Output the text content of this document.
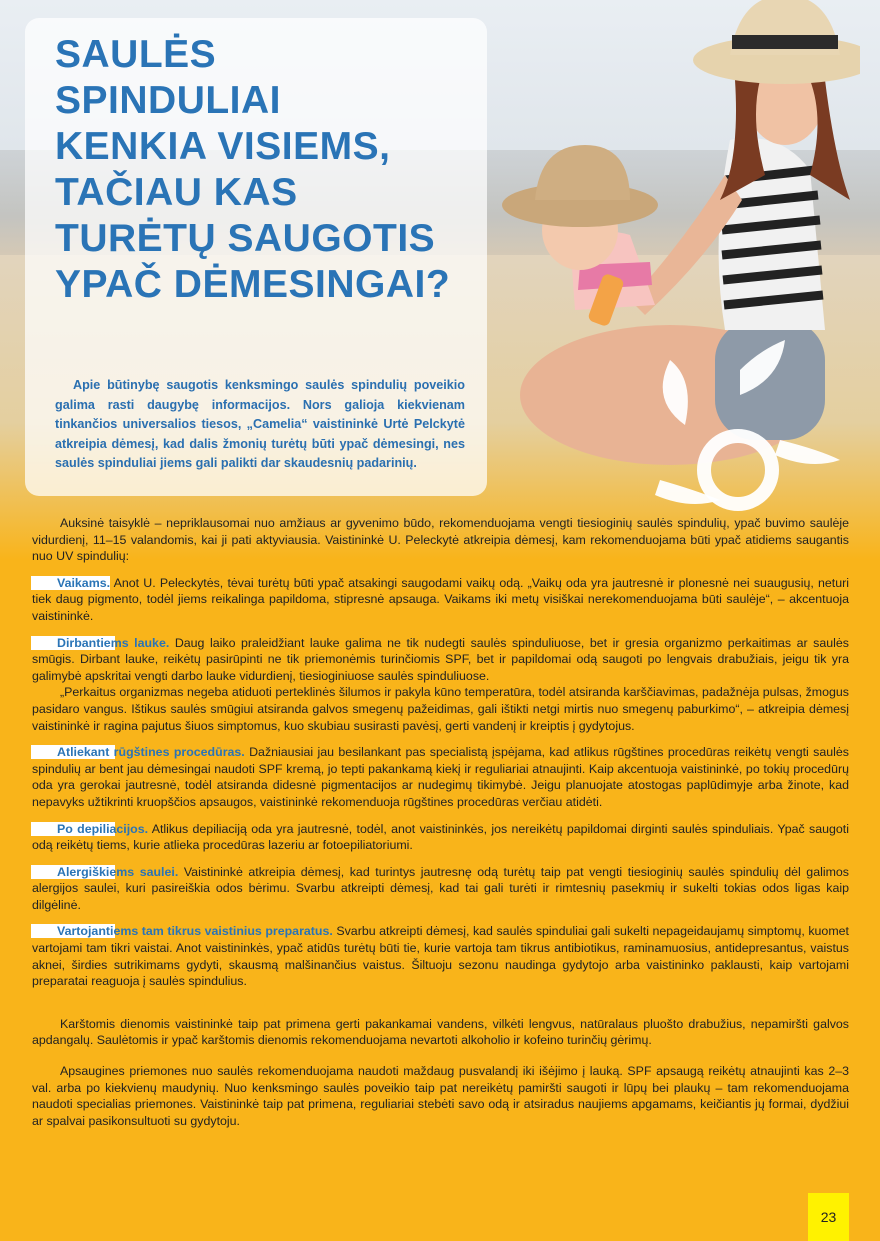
SAULĖS
SPINDULIAI
KENKIA VISIEMS,
TAČIAU KAS
TURĖTŲ SAUGOTIS
YPAČ DĖMESINGAI?

Apie būtinybę saugotis kenksmingo saulės spindulių poveikio galima rasti daugybę informacijos. Nors galioja kiekvienam tinkančios universalios tiesos, „Camelia“ vaistininkė Urtė Pelckytė atkreipia dėmesį, kad dalis žmonių turėtų būti ypač dėmesingi, nes saulės spinduliai jiems gali palikti dar skaudesnių padarinių.

Auksinė taisyklė – nepriklausomai nuo amžiaus ar gyvenimo būdo, rekomenduojama vengti tiesioginių saulės spindulių, ypač buvimo saulėje vidurdienį, 11–15 valandomis, kai ji pati aktyviausia. Vaistininkė U. Peleckytė atkreipia dėmesį, kam rekomenduojama būti ypač atidiems saugantis nuo UV spindulių:

Vaikams. Anot U. Peleckytės, tėvai turėtų būti ypač atsakingi saugodami vaikų odą. „Vaikų oda yra jautresnė ir plonesnė nei suaugusių, neturi tiek daug pigmento, todėl jiems reikalinga papildoma, stipresnė apsauga. Vaikams iki metų visiškai nerekomenduojama būti saulėje“, – akcentuoja vaistininkė.

Dirbantiems lauke. Daug laiko praleidžiant lauke galima ne tik nudegti saulės spinduliuose, bet ir gresia organizmo perkaitimas ar saulės smūgis. Dirbant lauke, reikėtų pasirūpinti ne tik priemonėmis turinčiomis SPF, bet ir papildomai odą saugoti po lengvais drabužiais, jeigu tik yra galimybė apskritai vengti darbo lauke vidurdienį, tiesioginiuose saulės spinduliuose.

„Perkaitus organizmas negeba atiduoti perteklinės šilumos ir pakyla kūno temperatūra, todėl atsiranda karščiavimas, padažnėja pulsas, žmogus pasidaro vangus. Ištikus saulės smūgiui atsiranda galvos smegenų pažeidimas, gali ištikti netgi mirtis nuo smegenų paburkimo“, – atkreipia dėmesį vaistininkė ir ragina pajutus šiuos simptomus, kuo skubiau susirasti pavėsį, gerti vandenį ir kreiptis į gydytojus.

Atliekant rūgštines procedūras. Dažniausiai jau besilankant pas specialistą įspėjama, kad atlikus rūgštines procedūras reikėtų vengti saulės spindulių ar bent jau dėmesingai naudoti SPF kremą, jo tepti pakankamą kiekį ir reguliariai atnaujinti. Kaip akcentuoja vaistininkė, po tokių procedūrų oda yra gerokai jautresnė, todėl atsiranda didesnė pigmentacijos ar nudegimų tikimybė. Jeigu planuojate atostogas paplūdimyje arba žinote, kad nepavyks užtikrinti kruopščios apsaugos, vaistininkė rekomenduoja rūgštines procedūras verčiau atidėti.

Po depiliacijos. Atlikus depiliaciją oda yra jautresnė, todėl, anot vaistininkės, jos nereikėtų papildomai dirginti saulės spinduliais. Ypač saugoti odą reikėtų tiems, kurie atlieka procedūras lazeriu ar fotoepiliatoriumi.

Alergiškiems saulei. Vaistininkė atkreipia dėmesį, kad turintys jautresnę odą turėtų taip pat vengti tiesioginių saulės spindulių dėl galimos alergijos saulei, kuri pasireiškia odos bėrimu. Svarbu atkreipti dėmesį, kad tai gali turėti ir rimtesnių pasekmių ir sukelti tokias odos ligas kaip dilgėlinė.

Vartojantiems tam tikrus vaistinius preparatus. Svarbu atkreipti dėmesį, kad saulės spinduliai gali sukelti nepageidaujamų simptomų, kuomet vartojami tam tikri vaistai. Anot vaistininkės, ypač atidūs turėtų būti tie, kurie vartoja tam tikrus antibiotikus, raminamuosius, antidepresantus, vaistus aknei, širdies sutrikimams gydyti, skausmą malšinančius vaistus. Šiltuoju sezonu naudinga gydytojo arba vaistininko paklausti, kaip vartojami preparatai reaguoja į saulės spindulius.

Karštomis dienomis vaistininkė taip pat primena gerti pakankamai vandens, vilkėti lengvus, natūralaus pluošto drabužius, nepamiršti galvos apdangalų. Saulėtomis ir ypač karštomis dienomis rekomenduojama nevartoti alkoholio ir kofeino turinčių gėrimų.

Apsaugines priemones nuo saulės rekomenduojama naudoti maždaug pusvalandį iki išėjimo į lauką. SPF apsaugą reikėtų atnaujinti kas 2–3 val. arba po kiekvienų maudynių. Nuo kenksmingo saulės poveikio taip pat nereikėtų pamiršti saugoti ir lūpų bei plaukų – tam rekomenduojama naudoti specialias priemones. Vaistininkė taip pat primena, reguliariai stebėti savo odą ir atsiradus naujiems apgamams, keičiantis jų formai, dydžiui ar spalvai pasikonsultuoti su gydytoju.

23
